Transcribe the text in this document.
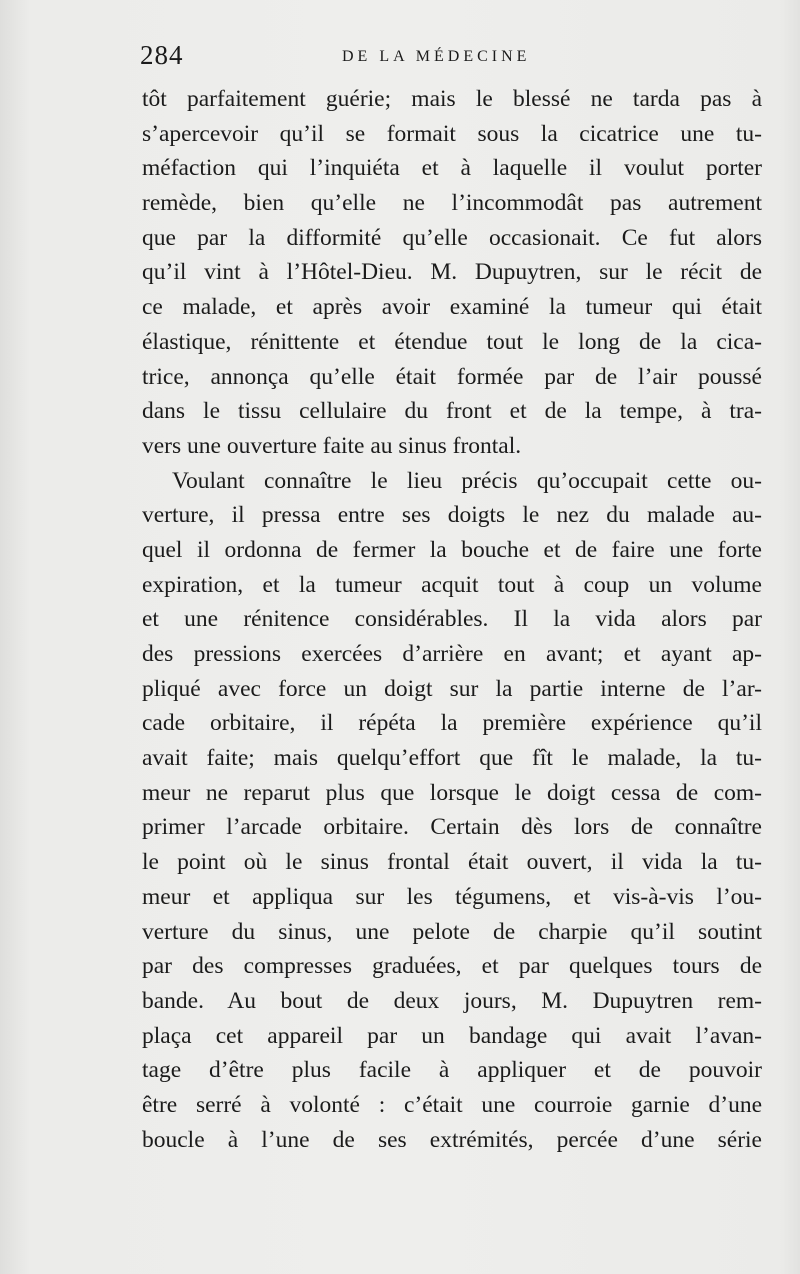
284	DE LA MÉDECINE
tôt parfaitement guérie; mais le blessé ne tarda pas à
s’apercevoir qu’il se formait sous la cicatrice une tu-
méfaction qui l’inquiéta et à laquelle il voulut porter
remède, bien qu’elle ne l’incommodât pas autrement
que par la difformité qu’elle occasionait. Ce fut alors
qu’il vint à l’Hôtel-Dieu. M. Dupuytren, sur le récit de
ce malade, et après avoir examiné la tumeur qui était
élastique, rénittente et étendue tout le long de la cica-
trice, annonça qu’elle était formée par de l’air poussé
dans le tissu cellulaire du front et de la tempe, à tra-
vers une ouverture faite au sinus frontal.
Voulant connaître le lieu précis qu’occupait cette ou-
verture, il pressa entre ses doigts le nez du malade au-
quel il ordonna de fermer la bouche et de faire une forte
expiration, et la tumeur acquit tout à coup un volume
et une rénitence considérables. Il la vida alors par
des pressions exercées d’arrière en avant; et ayant ap-
pliqué avec force un doigt sur la partie interne de l’ar-
cade orbitaire, il répéta la première expérience qu’il
avait faite; mais quelqu’effort que fît le malade, la tu-
meur ne reparut plus que lorsque le doigt cessa de com-
primer l’arcade orbitaire. Certain dès lors de connaître
le point où le sinus frontal était ouvert, il vida la tu-
meur et appliqua sur les tégumens, et vis-à-vis l’ou-
verture du sinus, une pelote de charpie qu’il soutint
par des compresses graduées, et par quelques tours de
bande. Au bout de deux jours, M. Dupuytren rem-
plaça cet appareil par un bandage qui avait l’avan-
tage d’être plus facile à appliquer et de pouvoir
être serré à volonté : c’était une courroie garnie d’une
boucle à l’une de ses extrémités, percée d’une série
